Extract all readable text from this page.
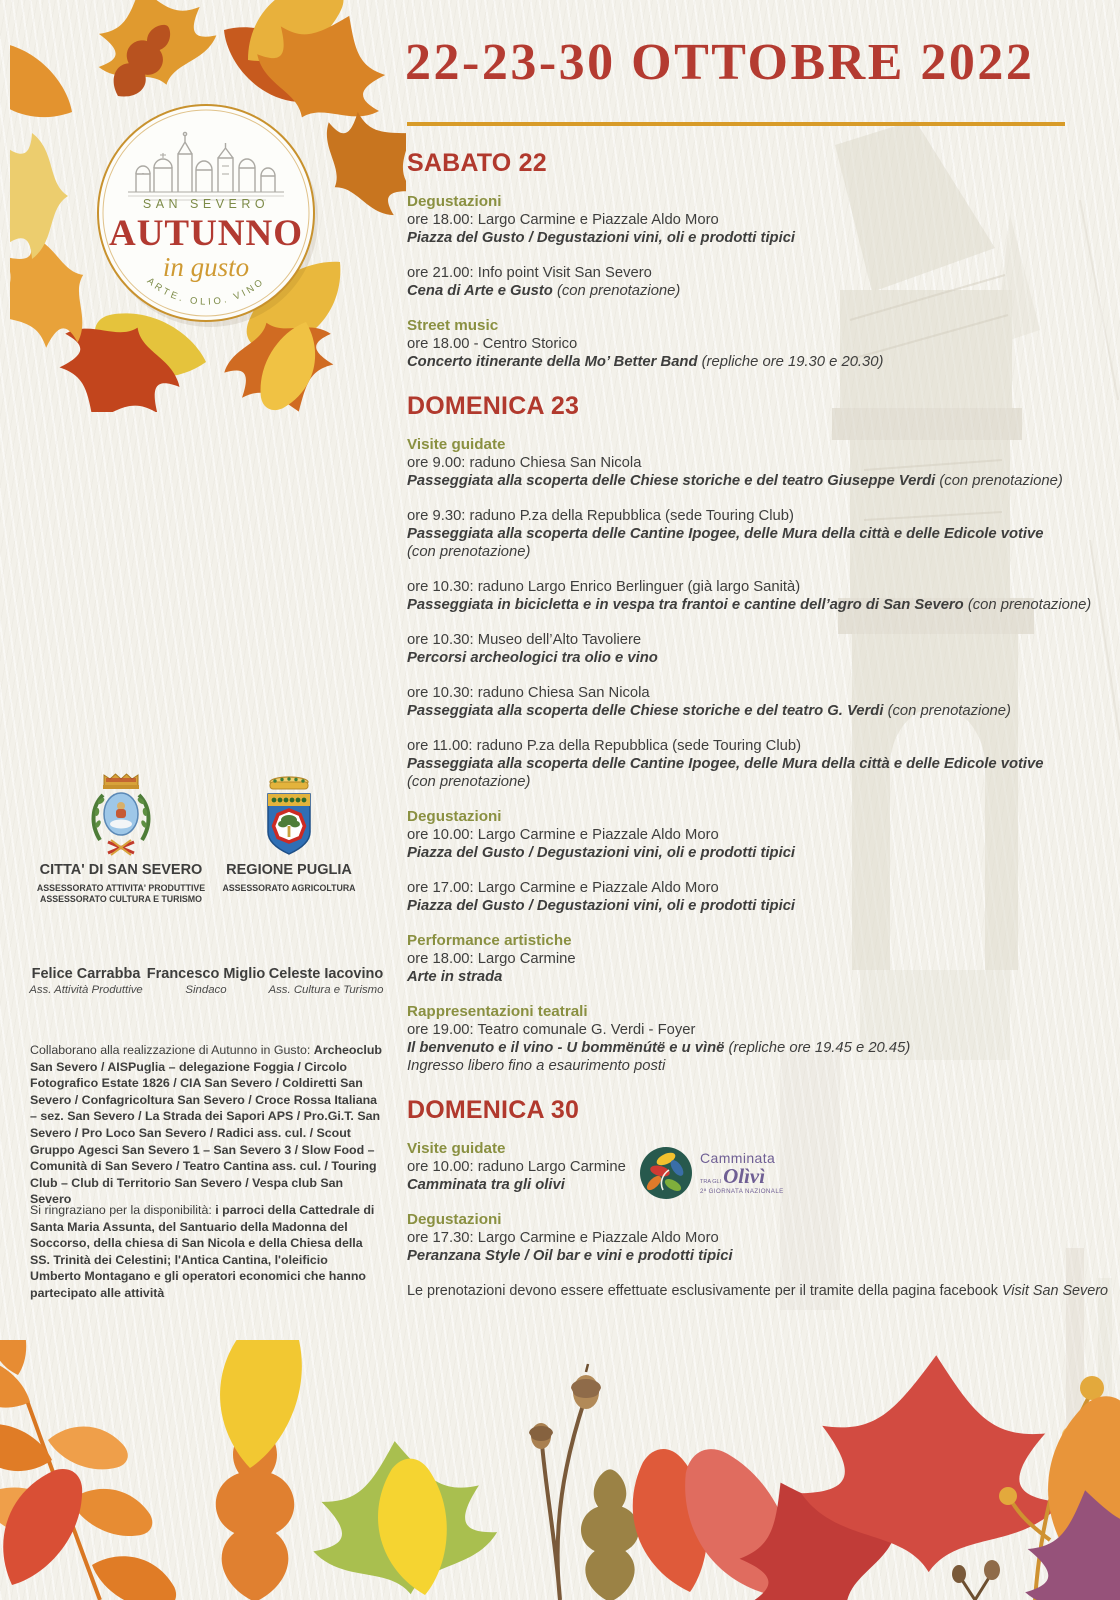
SAN SEVERO
AUTUNNO
in gusto
ARTE. OLIO. VINO
22-23-30 OTTOBRE 2022
SABATO 22
Degustazioni
ore 18.00: Largo Carmine e Piazzale Aldo Moro
Piazza del Gusto / Degustazioni vini, oli e prodotti tipici
ore 21.00: Info point Visit San Severo
Cena di Arte e Gusto (con prenotazione)
Street music
ore 18.00 - Centro Storico
Concerto itinerante della Mo’ Better Band (repliche ore 19.30 e 20.30)
DOMENICA 23
Visite guidate
ore 9.00: raduno Chiesa San Nicola
Passeggiata alla scoperta delle Chiese storiche e del teatro Giuseppe Verdi (con prenotazione)
ore 9.30: raduno P.za della Repubblica (sede Touring Club)
Passeggiata alla scoperta delle Cantine Ipogee, delle Mura della città e delle Edicole votive
(con prenotazione)
ore 10.30: raduno Largo Enrico Berlinguer (già largo Sanità)
Passeggiata in bicicletta e in vespa tra frantoi e cantine dell’agro di San Severo (con prenotazione)
ore 10.30: Museo dell’Alto Tavoliere
Percorsi archeologici tra olio e vino
ore 10.30: raduno Chiesa San Nicola
Passeggiata alla scoperta delle Chiese storiche e del teatro G. Verdi (con prenotazione)
ore 11.00: raduno P.za della Repubblica (sede Touring Club)
Passeggiata alla scoperta delle Cantine Ipogee, delle Mura della città e delle Edicole votive
(con prenotazione)
Degustazioni
ore 10.00: Largo Carmine e Piazzale Aldo Moro
Piazza del Gusto / Degustazioni vini, oli e prodotti tipici
ore 17.00: Largo Carmine e Piazzale Aldo Moro
Piazza del Gusto / Degustazioni vini, oli e prodotti tipici
Performance artistiche
ore 18.00: Largo Carmine
Arte in strada
Rappresentazioni teatrali
ore 19.00: Teatro comunale G. Verdi - Foyer
Il benvenuto e il vino - U bommënútë e u vìnë (repliche ore 19.45 e 20.45)
Ingresso libero fino a esaurimento posti
DOMENICA 30
Visite guidate
ore 10.00: raduno Largo Carmine
Camminata tra gli olivi
Camminata
TRA GLI Olìvì
2ª GIORNATA NAZIONALE
Degustazioni
ore 17.30: Largo Carmine e Piazzale Aldo Moro
Peranzana Style / Oil bar e vini e prodotti tipici
Le prenotazioni devono essere effettuate esclusivamente per il tramite della pagina facebook Visit San Severo
CITTA' DI SAN SEVERO
ASSESSORATO ATTIVITA' PRODUTTIVE
ASSESSORATO CULTURA E TURISMO
REGIONE PUGLIA
ASSESSORATO AGRICOLTURA
Felice Carrabba
Ass. Attività Produttive
Francesco Miglio
Sindaco
Celeste Iacovino
Ass. Cultura e Turismo
Collaborano alla realizzazione di Autunno in Gusto: Archeoclub San Severo / AISPuglia – delegazione Foggia / Circolo Fotografico Estate 1826 / CIA San Severo / Coldiretti San Severo / Confagricoltura San Severo / Croce Rossa Italiana – sez. San Severo / La Strada dei Sapori APS / Pro.Gi.T. San Severo / Pro Loco San Severo / Radici ass. cul. / Scout Gruppo Agesci San Severo 1 – San Severo 3 / Slow Food – Comunità di San Severo / Teatro Cantina ass. cul. / Touring Club – Club di Territorio San Severo / Vespa club San Severo
Si ringraziano per la disponibilità: i parroci della Cattedrale di Santa Maria Assunta, del Santuario della Madonna del Soccorso, della chiesa di San Nicola e della Chiesa della SS. Trinità dei Celestini; l'Antica Cantina, l'oleificio Umberto Montagano e gli operatori economici che hanno partecipato alle attività
